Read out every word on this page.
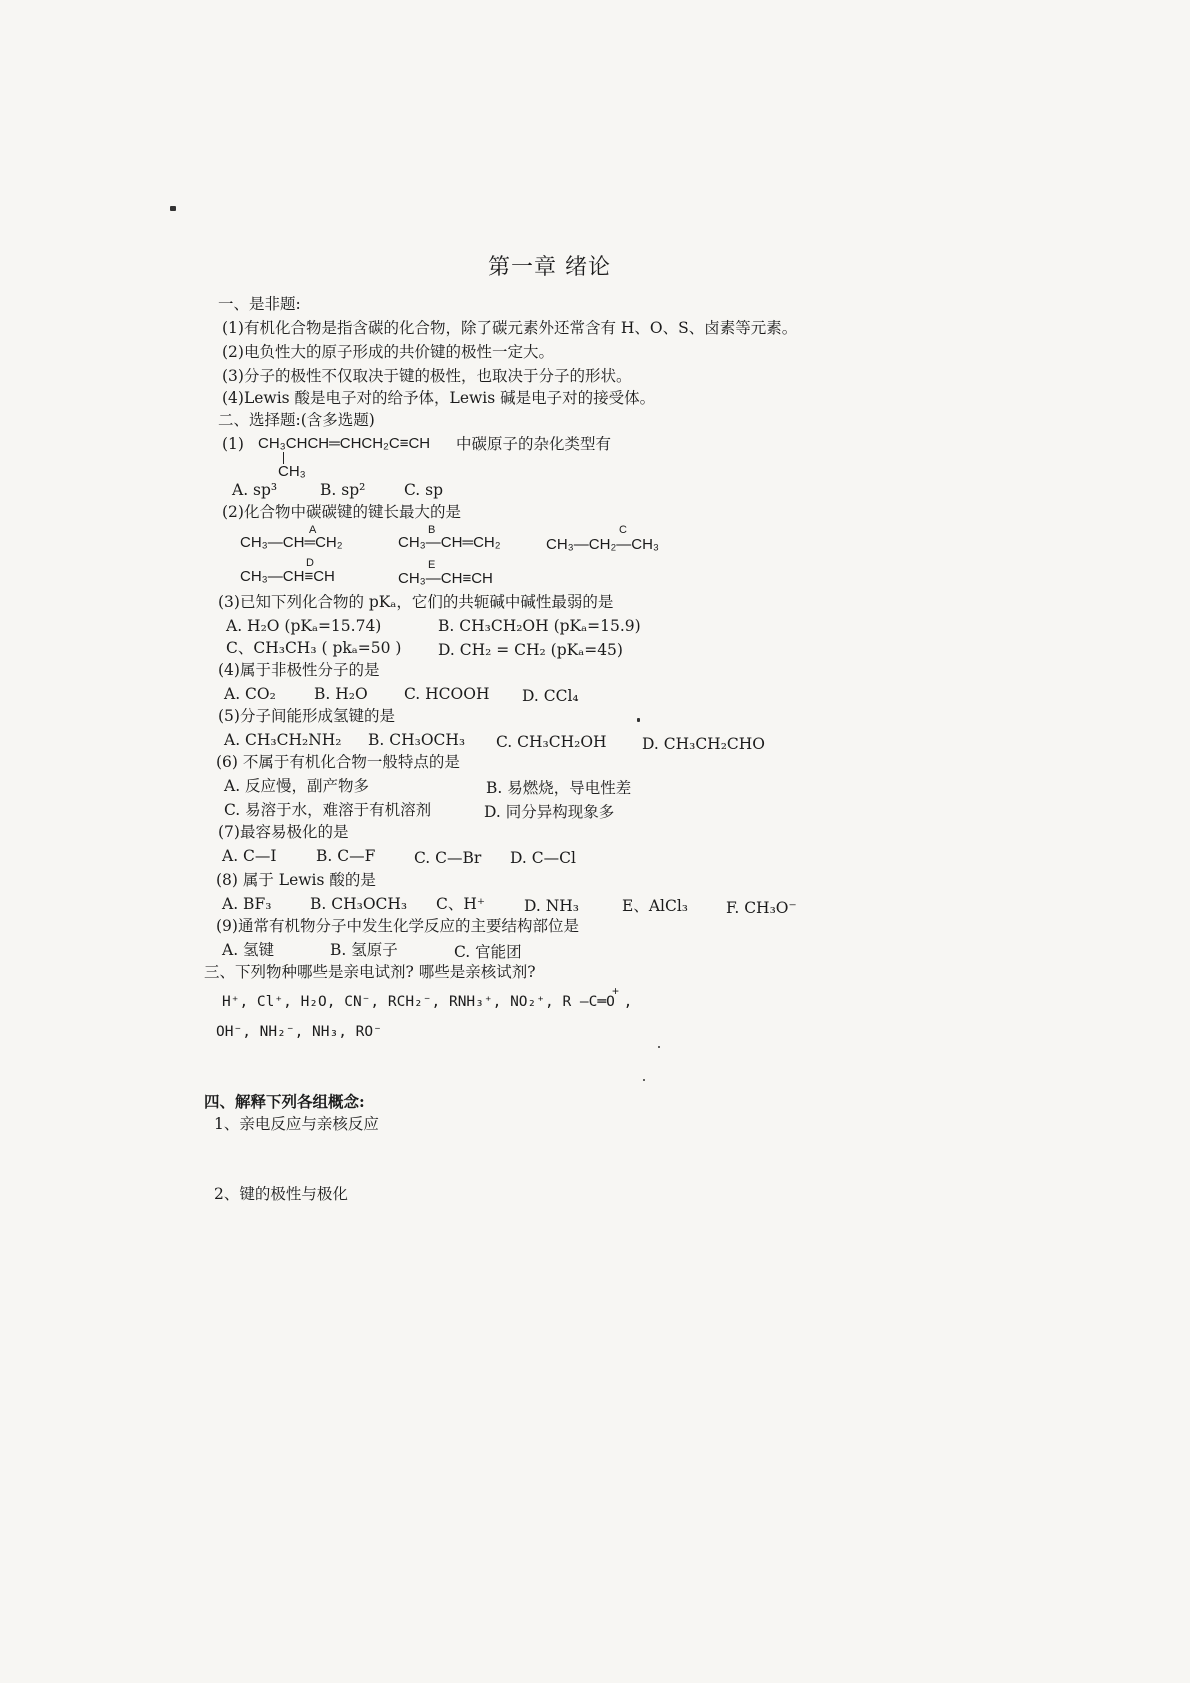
第一章 绪论
一、是非题:
(1)有机化合物是指含碳的化合物，除了碳元素外还常含有 H、O、S、卤素等元素。
(2)电负性大的原子形成的共价键的极性一定大。
(3)分子的极性不仅取决于键的极性，也取决于分子的形状。
(4)Lewis 酸是电子对的给予体，Lewis 碱是电子对的接受体。
二、选择题:(含多选题)
(1) CH₃CHCH═CHCH₂C≡CH
CH₃
中碳原子的杂化类型有
A. sp³	B. sp² C. sp
(2)化合物中碳碳键的键长最大的是
A
CH₃—CH═CH₂
B
CH₃—CH═CH₂
C
CH₃—CH₂—CH₃
D
CH₃—CH≡CH
E
CH₃—CH≡CH
(3)已知下列化合物的 pKₐ，它们的共轭碱中碱性最弱的是
A. H₂O (pKₐ=15.74)	B. CH₃CH₂OH (pKₐ=15.9)
C、CH₃CH₃ ( pkₐ=50 ) D. CH₂ = CH₂ (pKₐ=45)
(4)属于非极性分子的是
A. CO₂ B. H₂O C. HCOOH D. CCl₄
(5)分子间能形成氢键的是
A. CH₃CH₂NH₂ B. CH₃OCH₃ C. CH₃CH₂OH D. CH₃CH₂CHO
(6) 不属于有机化合物一般特点的是
A. 反应慢，副产物多	B. 易燃烧，导电性差
C. 易溶于水，难溶于有机溶剂	D. 同分异构现象多
(7)最容易极化的是
A. C—I	B. C—F C. C—Br D. C—Cl
(8) 属于 Lewis 酸的是
A. BF₃ B. CH₃OCH₃ C、H⁺	D. NH₃	E、AlCl₃ F. CH₃O⁻
(9)通常有机物分子中发生化学反应的主要结构部位是
A. 氢键	B. 氢原子	C. 官能团
三、下列物种哪些是亲电试剂? 哪些是亲核试剂?
+
H⁺, Cl⁺, H₂O, CN⁻, RCH₂⁻, RNH₃⁺, NO₂⁺, R —C═O ,
OH⁻, NH₂⁻, NH₃, RO⁻
四、解释下列各组概念:
1、亲电反应与亲核反应
2、键的极性与极化
